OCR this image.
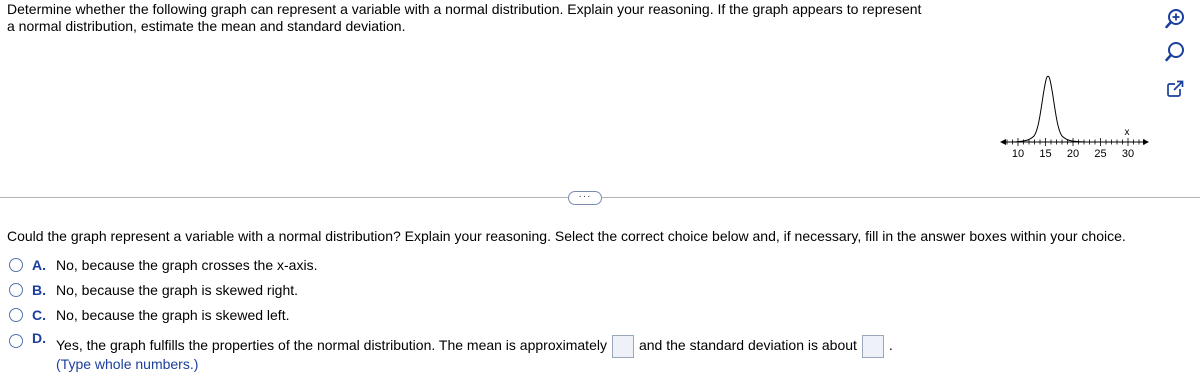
Determine whether the following graph can represent a variable with a normal distribution. Explain your reasoning. If the graph appears to represent a normal distribution, estimate the mean and standard deviation.
10 15 20 25 30
x
···
Could the graph represent a variable with a normal distribution? Explain your reasoning. Select the correct choice below and, if necessary, fill in the answer boxes within your choice.
A. No, because the graph crosses the x-axis.
B. No, because the graph is skewed right.
C. No, because the graph is skewed left.
D. Yes, the graph fulfills the properties of the normal distribution. The mean is approximately and the standard deviation is about .
(Type whole numbers.)
